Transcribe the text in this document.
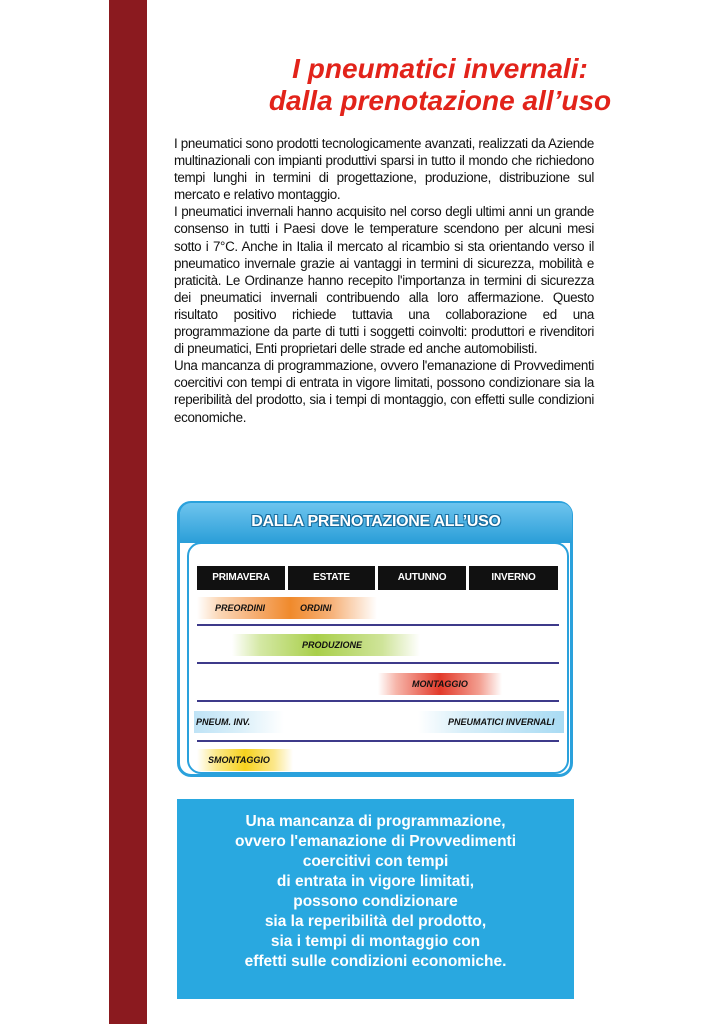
I pneumatici invernali:
dalla prenotazione all’uso

I pneumatici sono prodotti tecnologicamente avanzati, realizzati da Aziende multinazionali con impianti produttivi sparsi in tutto il mondo che richiedono tempi lunghi in termini di progettazione, produzione, distribuzione sul mercato e relativo montaggio.

I pneumatici invernali hanno acquisito nel corso degli ultimi anni un grande consenso in tutti i Paesi dove le temperature scendono per alcuni mesi sotto i 7°C. Anche in Italia il mercato al ricambio si sta orientando verso il pneumatico invernale grazie ai vantaggi in termini di sicurezza, mobilità e praticità. Le Ordinanze hanno recepito l'importanza in termini di sicurezza dei pneumatici invernali contribuendo alla loro affermazione. Questo risultato positivo richiede tuttavia una collaborazione ed una programmazione da parte di tutti i soggetti coinvolti: produttori e rivenditori di pneumatici, Enti proprietari delle strade ed anche automobilisti.

Una mancanza di programmazione, ovvero l'emanazione di Provvedimenti coercitivi con tempi di entrata in vigore limitati, possono condizionare sia la reperibilità del prodotto, sia i tempi di montaggio, con effetti sulle condizioni economiche.

DALLA PRENOTAZIONE ALL’USO
PRIMAVERA	ESTATE	AUTUNNO	INVERNO
PREORDINI	ORDINI
PRODUZIONE
MONTAGGIO
PNEUM. INV.	PNEUMATICI INVERNALI
SMONTAGGIO
Una mancanza di programmazione,
ovvero l'emanazione di Provvedimenti
coercitivi con tempi
di entrata in vigore limitati,
possono condizionare
sia la reperibilità del prodotto,
sia i tempi di montaggio con
effetti sulle condizioni economiche.
